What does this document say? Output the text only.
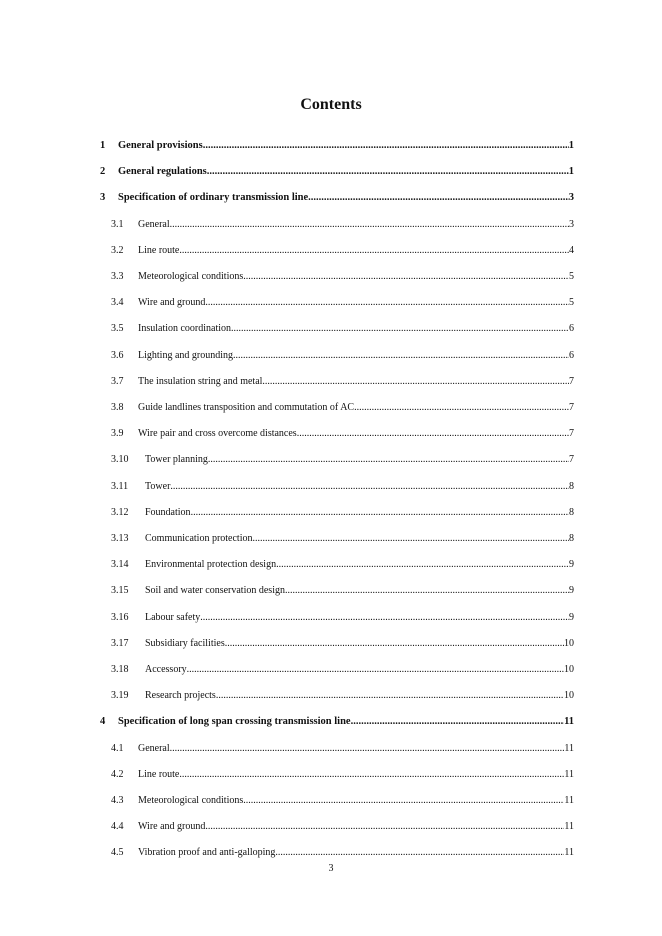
Contents
1	General provisions .....	1
2	General regulations .....	1
3	Specification of ordinary transmission line .....	3
3.1	General .....	3
3.2	Line route .....	4
3.3	Meteorological conditions .....	5
3.4	Wire and ground .....	5
3.5	Insulation coordination .....	6
3.6	Lighting and grounding .....	6
3.7	The insulation string and metal .....	7
3.8	Guide landlines transposition and commutation of AC .....	7
3.9	Wire pair and cross overcome distances .....	7
3.10	Tower planning .....	7
3.11	Tower .....	8
3.12	Foundation .....	8
3.13	Communication protection .....	8
3.14	Environmental protection design .....	9
3.15	Soil and water conservation design .....	9
3.16	Labour safety .....	9
3.17	Subsidiary facilities .....	10
3.18	Accessory .....	10
3.19	Research projects .....	10
4	Specification of long span crossing transmission line .....	11
4.1	General .....	11
4.2	Line route .....	11
4.3	Meteorological conditions .....	11
4.4	Wire and ground .....	11
4.5	Vibration proof and anti-galloping .....	11
3
